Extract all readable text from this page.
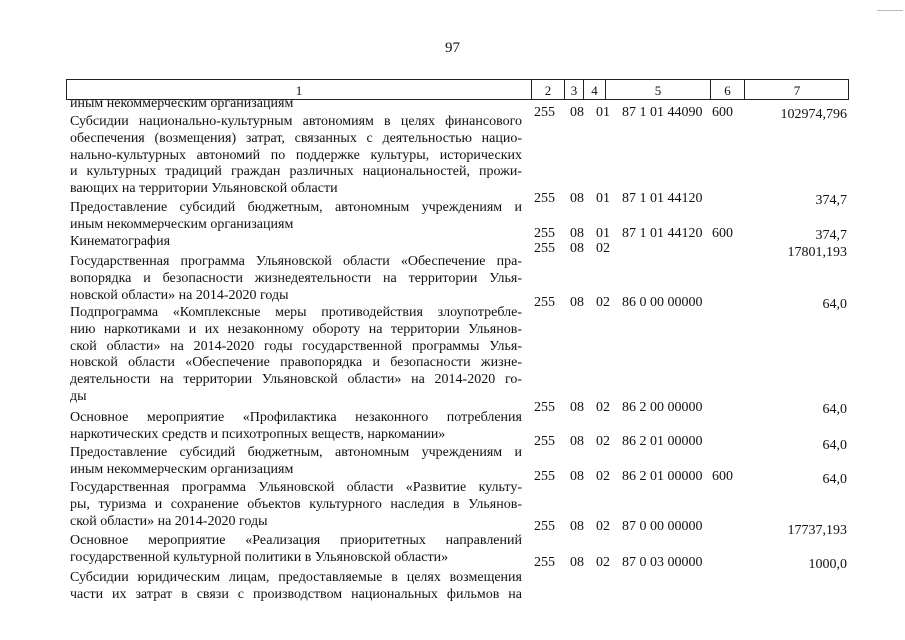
97
1	2	3	4	5	6	7
иным некоммерческим организациям
255	08 01 87 1 01 44090 600	102974,796
Субсидии национально-культурным автономиям в целях финансового
обеспечения (возмещения) затрат, связанных с деятельностью нацио-
нально-культурных автономий по поддержке культуры, исторических
и культурных традиций граждан различных национальностей, прожи-
вающих на территории Ульяновской области
255	08 01 87 1 01 44120	374,7
Предоставление субсидий бюджетным, автономным учреждениям и
иным некоммерческим организациям
255	08 01 87 1 01 44120 600	374,7
Кинематография	255	08 02	17801,193
Государственная программа Ульяновской области «Обеспечение пра-
вопорядка и безопасности жизнедеятельности на территории Улья-
новской области» на 2014-2020 годы	255	08 02 86 0 00 00000	64,0
Подпрограмма «Комплексные меры противодействия злоупотребле-
нию наркотиками и их незаконному обороту на территории Ульянов-
ской области» на 2014-2020 годы государственной программы Улья-
новской области «Обеспечение правопорядка и безопасности жизне-
деятельности на территории Ульяновской области» на 2014-2020 го-
ды
255	08 02 86 2 00 00000	64,0
Основное мероприятие «Профилактика незаконного потребления
наркотических средств и психотропных веществ, наркомании»	255	08 02 86 2 01 00000	64,0
Предоставление субсидий бюджетным, автономным учреждениям и
иным некоммерческим организациям	255	08 02 86 2 01 00000 600	64,0
Государственная программа Ульяновской области «Развитие культу-
ры, туризма и сохранение объектов культурного наследия в Ульянов-
ской области» на 2014-2020 годы	255	08 02 87 0 00 00000	17737,193
Основное мероприятие «Реализация приоритетных направлений
государственной культурной политики в Ульяновской области»	255	08 02 87 0 03 00000	1000,0
Субсидии юридическим лицам, предоставляемые в целях возмещения
части их затрат в связи с производством национальных фильмов на
